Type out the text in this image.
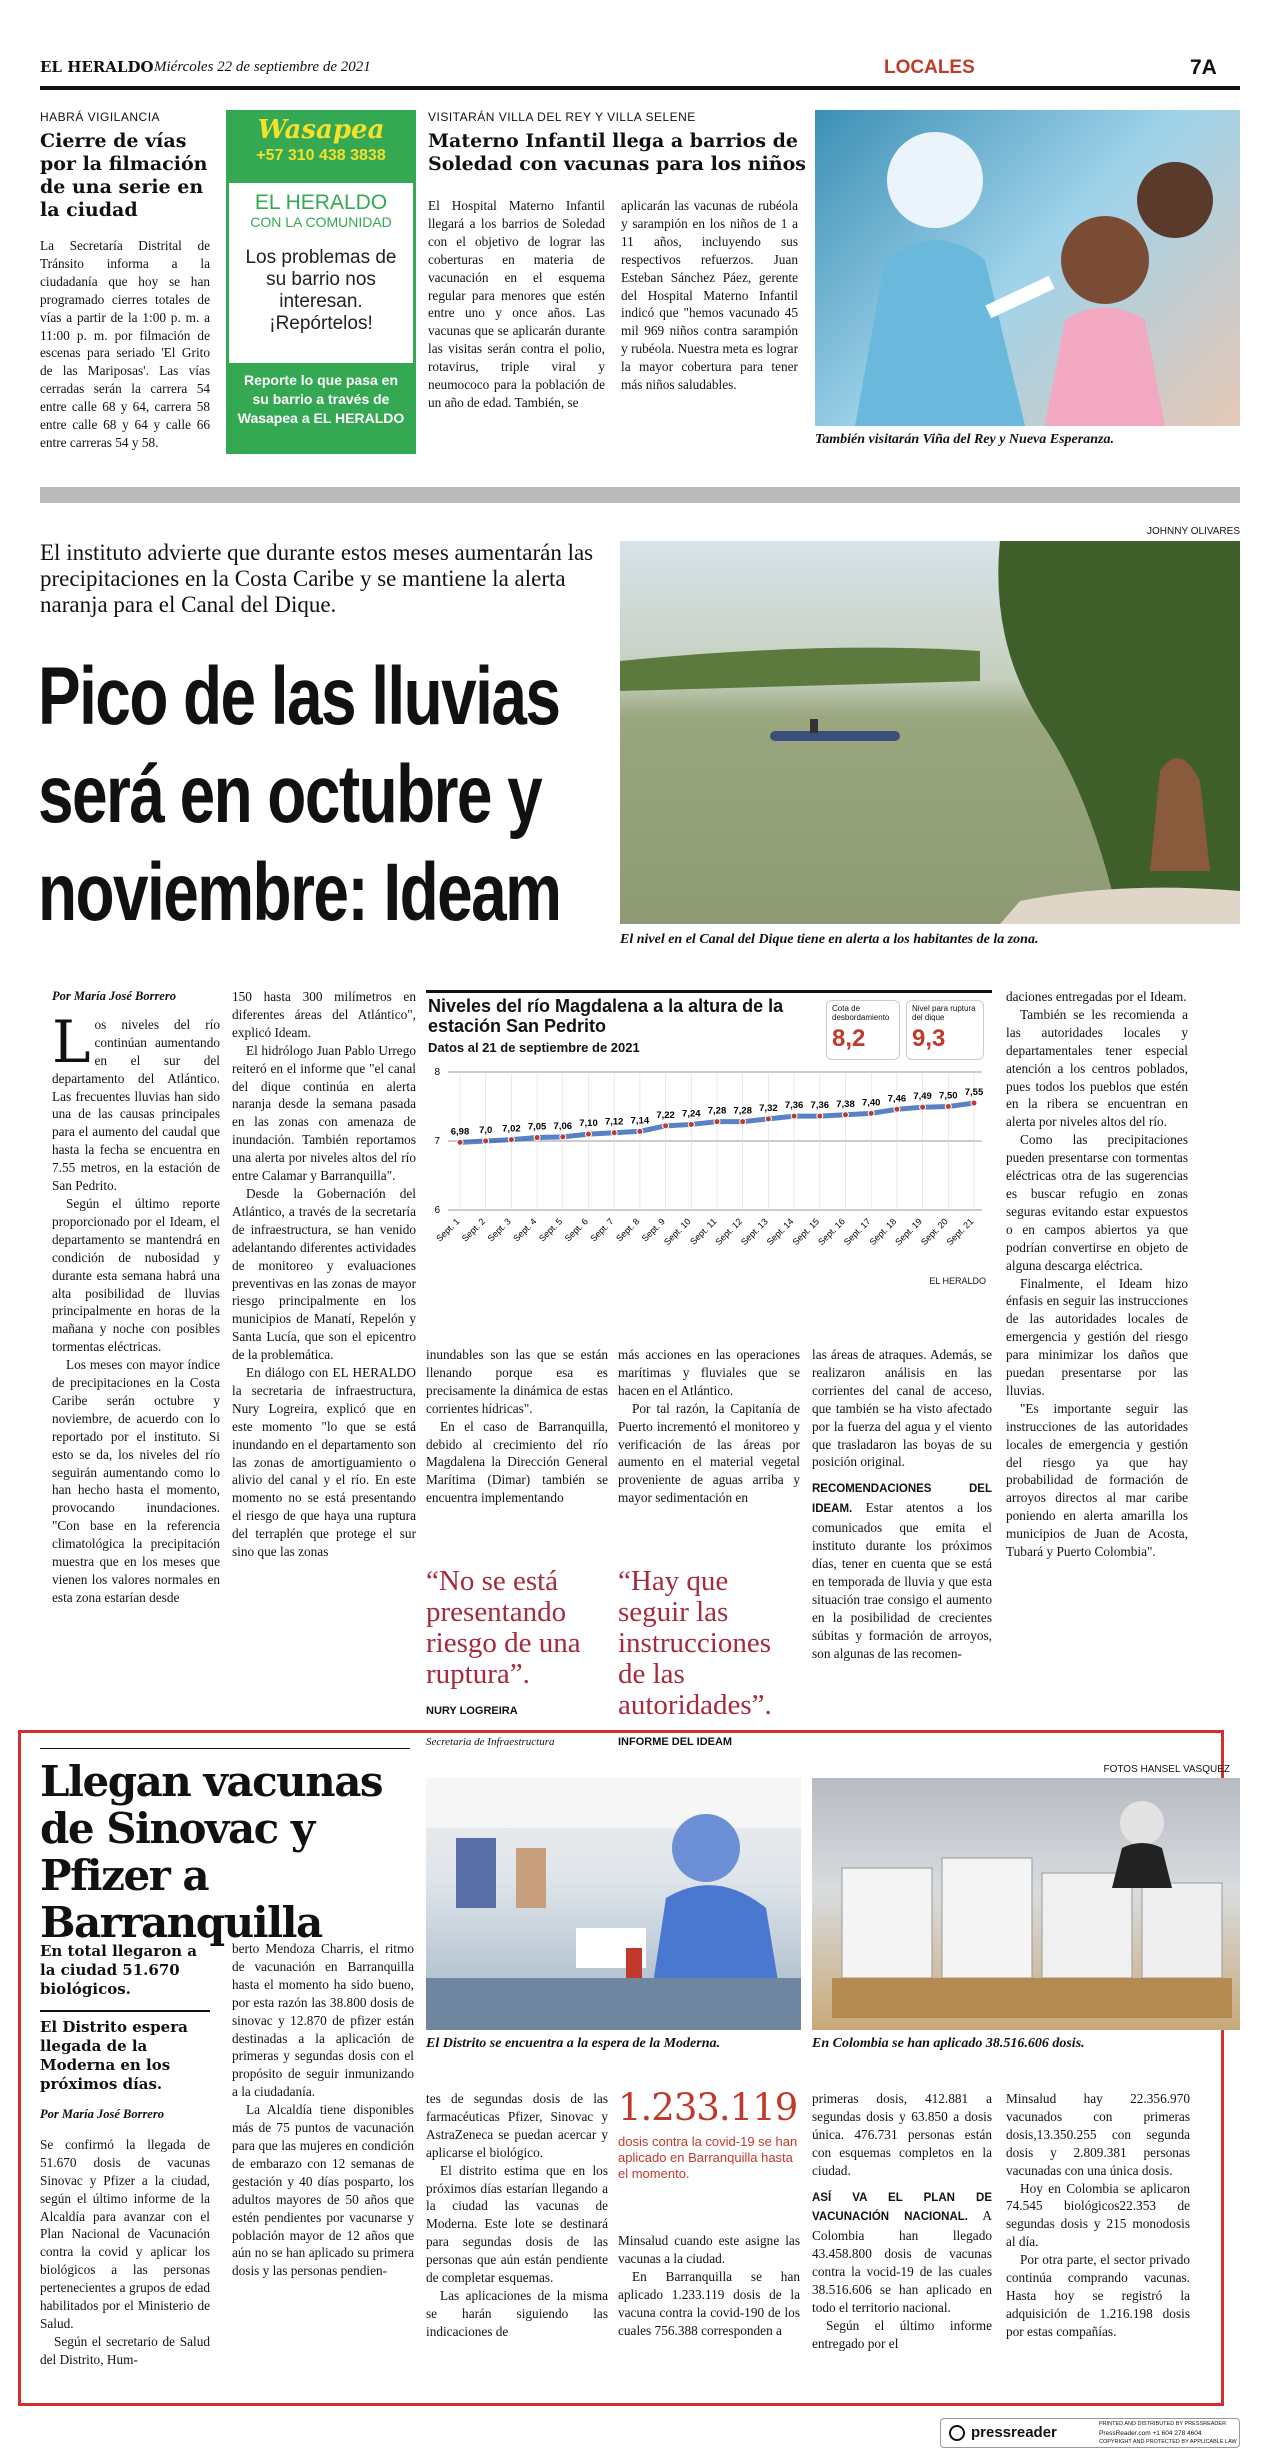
EL HERALDO Miércoles 22 de septiembre de 2021	LOCALES	7A
HABRÁ VIGILANCIA
Cierre de vías por la filmación de una serie en la ciudad
La Secretaría Distrital de Tránsito informa a la ciudadanía que hoy se han programado cierres totales de vías a partir de la 1:00 p. m. a 11:00 p. m. por filmación de escenas para seriado 'El Grito de las Mariposas'. Las vías cerradas serán la carrera 54 entre calle 68 y 64, carrera 58 entre calle 68 y 64 y calle 66 entre carreras 54 y 58.
Wasapea
+57 310 438 3838
EL HERALDO
CON LA COMUNIDAD
Los problemas de su barrio nos interesan. ¡Repórtelos!
Reporte lo que pasa en su barrio a través de Wasapea a EL HERALDO
VISITARÁN VILLA DEL REY Y VILLA SELENE
Materno Infantil llega a barrios de Soledad con vacunas para los niños
El Hospital Materno Infantil llegará a los barrios de Soledad con el objetivo de lograr las coberturas en materia de vacunación en el esquema regular para menores que estén entre uno y once años. Las vacunas que se aplicarán durante las visitas serán contra el polio, rotavirus, triple viral y neumococo para la población de un año de edad. También, se
aplicarán las vacunas de rubéola y sarampión en los niños de 1 a 11 años, incluyendo sus respectivos refuerzos. Juan Esteban Sánchez Páez, gerente del Hospital Materno Infantil indicó que "hemos vacunado 45 mil 969 niños contra sarampión y rubéola. Nuestra meta es lograr la mayor cobertura para tener más niños saludables.
También visitarán Viña del Rey y Nueva Esperanza.
El instituto advierte que durante estos meses aumentarán las precipitaciones en la Costa Caribe y se mantiene la alerta naranja para el Canal del Dique.
Pico de las lluvias
será en octubre y
noviembre: Ideam
JOHNNY OLIVARES
El nivel en el Canal del Dique tiene en alerta a los habitantes de la zona.
Por María José Borrero
L os niveles del río continúan aumentando en el sur del departamento del Atlántico. Las frecuentes lluvias han sido una de las causas principales para el aumento del caudal que hasta la fecha se encuentra en 7.55 metros, en la estación de San Pedrito.

Según el último reporte proporcionado por el Ideam, el departamento se mantendrá en condición de nubosidad y durante esta semana habrá una alta posibilidad de lluvias principalmente en horas de la mañana y noche con posibles tormentas eléctricas.

Los meses con mayor índice de precipitaciones en la Costa Caribe serán octubre y noviembre, de acuerdo con lo reportado por el instituto. Si esto se da, los niveles del río seguirán aumentando como lo han hecho hasta el momento, provocando inundaciones. "Con base en la referencia climatológica la precipitación muestra que en los meses que vienen los valores normales en esta zona estarían desde

150 hasta 300 milímetros en diferentes áreas del Atlántico", explicó Ideam.

El hidrólogo Juan Pablo Urrego reiteró en el informe que "el canal del dique continúa en alerta naranja desde la semana pasada en las zonas con amenaza de inundación. También reportamos una alerta por niveles altos del río entre Calamar y Barranquilla".

Desde la Gobernación del Atlántico, a través de la secretaría de infraestructura, se han venido adelantando diferentes actividades de monitoreo y evaluaciones preventivas en las zonas de mayor riesgo principalmente en los municipios de Manatí, Repelón y Santa Lucía, que son el epicentro de la problemática.

En diálogo con EL HERALDO la secretaria de infraestructura, Nury Logreira, explicó que en este momento "lo que se está inundando en el departamento son las zonas de amortiguamiento o alivio del canal y el río. En este momento no se está presentando el riesgo de que haya una ruptura del terraplén que protege el sur sino que las zonas

Niveles del río Magdalena a la altura de la estación San Pedrito
Datos al 21 de septiembre de 2021
Cota de desbordamiento
8,2
Nivel para ruptura del dique
9,3
8
7
6
6,98
Sept. 1
7,0
Sept. 2
7,02
Sept. 3
7,05
Sept. 4
7,06
Sept. 5
7,10
Sept. 6
7,12
Sept. 7
7,14
Sept. 8
7,22
Sept. 9
7,24
Sept. 10
7,28
Sept. 11
7,28
Sept. 12
7,32
Sept. 13
7,36
Sept. 14
7,36
Sept. 15
7,38
Sept. 16
7,40
Sept. 17
7,46
Sept. 18
7,49
Sept. 19
7,50
Sept. 20
7,55
Sept. 21
EL HERALDO

inundables son las que se están llenando porque esa es precisamente la dinámica de estas corrientes hídricas".

En el caso de Barranquilla, debido al crecimiento del río Magdalena la Dirección General Marítima (Dimar) también se encuentra implementando

más acciones en las operaciones marítimas y fluviales que se hacen en el Atlántico.

Por tal razón, la Capitanía de Puerto incrementó el monitoreo y verificación de las áreas por aumento en el material vegetal proveniente de aguas arriba y mayor sedimentación en

“No se está presentando riesgo de una ruptura”.
NURY LOGREIRA
Secretaria de Infraestructura
“Hay que seguir las instrucciones de las autoridades”.
INFORME DEL IDEAM

las áreas de atraques. Además, se realizaron análisis en las corrientes del canal de acceso, que también se ha visto afectado por la fuerza del agua y el viento que trasladaron las boyas de su posición original.

RECOMENDACIONES DEL IDEAM. Estar atentos a los comunicados que emita el instituto durante los próximos días, tener en cuenta que se está en temporada de lluvia y que esta situación trae consigo el aumento en la posibilidad de crecientes súbitas y formación de arroyos, son algunas de las recomen-

daciones entregadas por el Ideam.

También se les recomienda a las autoridades locales y departamentales tener especial atención a los centros poblados, pues todos los pueblos que estén en la ribera se encuentran en alerta por niveles altos del río.

Como las precipitaciones pueden presentarse con tormentas eléctricas otra de las sugerencias es buscar refugio en zonas seguras evitando estar expuestos o en campos abiertos ya que podrían convertirse en objeto de alguna descarga eléctrica.

Finalmente, el Ideam hizo énfasis en seguir las instrucciones de las autoridades locales de emergencia y gestión del riesgo para minimizar los daños que puedan presentarse por las lluvias.

"Es importante seguir las instrucciones de las autoridades locales de emergencia y gestión del riesgo ya que hay probabilidad de formación de arroyos directos al mar caribe poniendo en alerta amarilla los municipios de Juan de Acosta, Tubará y Puerto Colombia".

Llegan vacunas de Sinovac y Pfizer a Barranquilla
En total llegaron a la ciudad 51.670 biológicos.
El Distrito espera llegada de la Moderna en los próximos días.
Por María José Borrero

Se confirmó la llegada de 51.670 dosis de vacunas Sinovac y Pfizer a la ciudad, según el último informe de la Alcaldía para avanzar con el Plan Nacional de Vacunación contra la covid y aplicar los biológicos a las personas pertenecientes a grupos de edad habilitados por el Ministerio de Salud.

Según el secretario de Salud del Distrito, Hum-

berto Mendoza Charris, el ritmo de vacunación en Barranquilla hasta el momento ha sido bueno, por esta razón las 38.800 dosis de sinovac y 12.870 de pfizer están destinadas a la aplicación de primeras y segundas dosis con el propósito de seguir inmunizando a la ciudadanía.

La Alcaldía tiene disponibles más de 75 puntos de vacunación para que las mujeres en condición de embarazo con 12 semanas de gestación y 40 días posparto, los adultos mayores de 50 años que estén pendientes por vacunarse y población mayor de 12 años que aún no se han aplicado su primera dosis y las personas pendien-

FOTOS HANSEL VASQUEZ
El Distrito se encuentra a la espera de la Moderna.	En Colombia se han aplicado 38.516.606 dosis.

tes de segundas dosis de las farmacéuticas Pfizer, Sinovac y AstraZeneca se puedan acercar y aplicarse el biológico.

El distrito estima que en los próximos días estarían llegando a la ciudad las vacunas de Moderna. Este lote se destinará para segundas dosis de las personas que aún están pendiente de completar esquemas.

Las aplicaciones de la misma se harán siguiendo las indicaciones de

1.233.119
dosis contra la covid-19 se han aplicado en Barranquilla hasta el momento.

Minsalud cuando este asigne las vacunas a la ciudad.

En Barranquilla se han aplicado 1.233.119 dosis de la vacuna contra la covid-190 de los cuales 756.388 corresponden a

primeras dosis, 412.881 a segundas dosis y 63.850 a dosis única. 476.731 personas están con esquemas completos en la ciudad.

ASÍ VA EL PLAN DE VACUNACIÓN NACIONAL. A Colombia han llegado 43.458.800 dosis de vacunas contra la vocid-19 de las cuales 38.516.606 se han aplicado en todo el territorio nacional.

Según el último informe entregado por el

Minsalud hay 22.356.970 vacunados con primeras dosis,13.350.255 con segunda dosis y 2.809.381 personas vacunadas con una única dosis.

Hoy en Colombia se aplicaron 74.545 biológicos22.353 de segundas dosis y 215 monodosis al día.

Por otra parte, el sector privado continúa comprando vacunas. Hasta hoy se registró la adquisición de 1.216.198 dosis por estas compañías.

pressreader	PRINTED AND DISTRIBUTED BY PRESSREADER
PressReader.com +1 604 278 4604
COPYRIGHT AND PROTECTED BY APPLICABLE LAW
